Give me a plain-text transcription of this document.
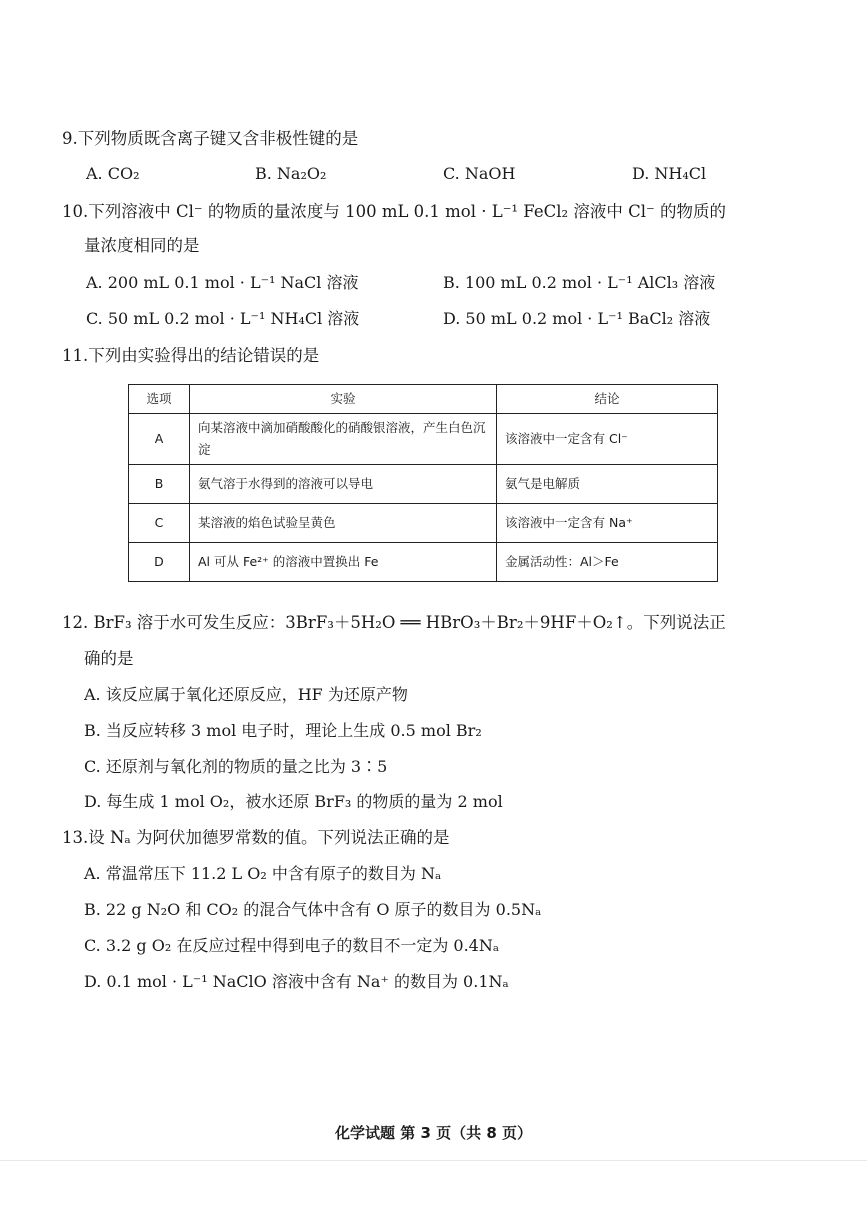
9.下列物质既含离子键又含非极性键的是
A. CO₂	B. Na₂O₂	C. NaOH	D. NH₄Cl
10.下列溶液中 Cl⁻ 的物质的量浓度与 100 mL 0.1 mol · L⁻¹ FeCl₂ 溶液中 Cl⁻ 的物质的
量浓度相同的是
A. 200 mL 0.1 mol · L⁻¹ NaCl 溶液	B. 100 mL 0.2 mol · L⁻¹ AlCl₃ 溶液
C. 50 mL 0.2 mol · L⁻¹ NH₄Cl 溶液	D. 50 mL 0.2 mol · L⁻¹ BaCl₂ 溶液
11.下列由实验得出的结论错误的是
选项	实验	结论
A	向某溶液中滴加硝酸酸化的硝酸银溶液，产生白色沉淀	该溶液中一定含有 Cl⁻
B	氨气溶于水得到的溶液可以导电	氨气是电解质
C	某溶液的焰色试验呈黄色	该溶液中一定含有 Na⁺
D	Al 可从 Fe²⁺ 的溶液中置换出 Fe	金属活动性：Al＞Fe
12. BrF₃ 溶于水可发生反应：3BrF₃＋5H₂O ══ HBrO₃＋Br₂＋9HF＋O₂↑。下列说法正
确的是
A. 该反应属于氧化还原反应，HF 为还原产物
B. 当反应转移 3 mol 电子时，理论上生成 0.5 mol Br₂
C. 还原剂与氧化剂的物质的量之比为 3∶5
D. 每生成 1 mol O₂，被水还原 BrF₃ 的物质的量为 2 mol
13.设 Nₐ 为阿伏加德罗常数的值。下列说法正确的是
A. 常温常压下 11.2 L O₂ 中含有原子的数目为 Nₐ
B. 22 g N₂O 和 CO₂ 的混合气体中含有 O 原子的数目为 0.5Nₐ
C. 3.2 g O₂ 在反应过程中得到电子的数目不一定为 0.4Nₐ
D. 0.1 mol · L⁻¹ NaClO 溶液中含有 Na⁺ 的数目为 0.1Nₐ
化学试题 第 3 页（共 8 页）
